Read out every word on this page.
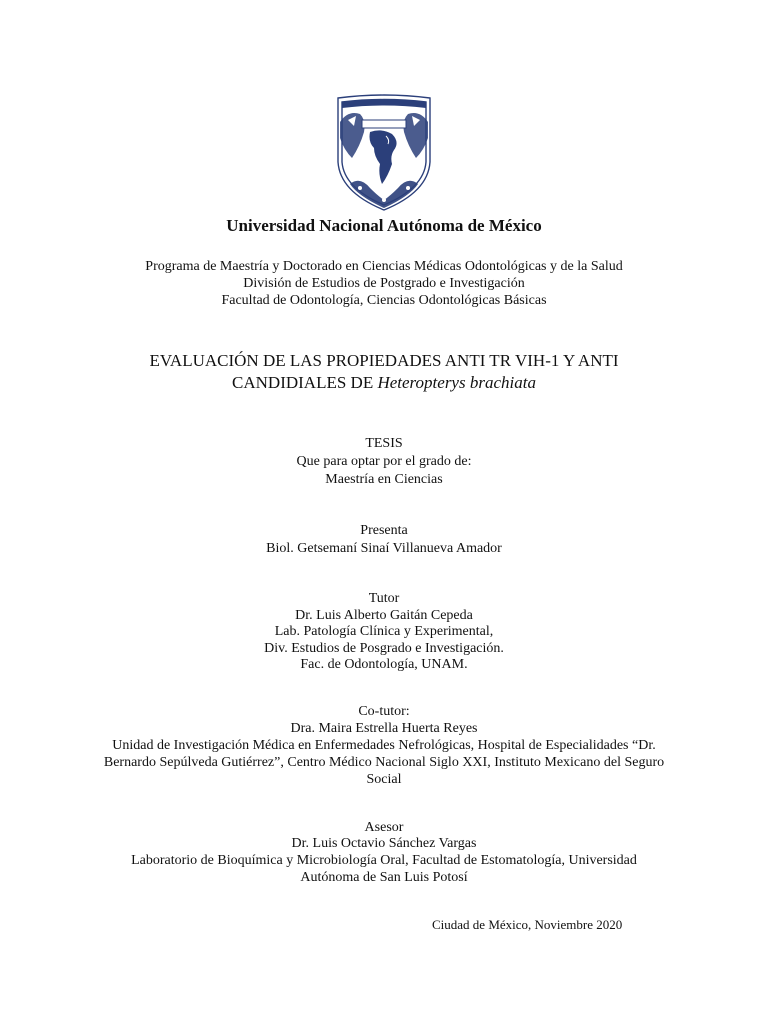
Universidad Nacional Autónoma de México
Programa de Maestría y Doctorado en Ciencias Médicas Odontológicas y de la Salud
División de Estudios de Postgrado e Investigación
Facultad de Odontología, Ciencias Odontológicas Básicas
EVALUACIÓN DE LAS PROPIEDADES ANTI TR VIH-1 Y ANTI
CANDIDIALES DE Heteropterys brachiata
TESIS
Que para optar por el grado de:
Maestría en Ciencias
Presenta
Biol. Getsemaní Sinaí Villanueva Amador
Tutor
Dr. Luis Alberto Gaitán Cepeda
Lab. Patología Clínica y Experimental,
Div. Estudios de Posgrado e Investigación.
Fac. de Odontología, UNAM.
Co-tutor:
Dra. Maira Estrella Huerta Reyes
Unidad de Investigación Médica en Enfermedades Nefrológicas, Hospital de Especialidades “Dr.
Bernardo Sepúlveda Gutiérrez”, Centro Médico Nacional Siglo XXI, Instituto Mexicano del Seguro
Social
Asesor
Dr. Luis Octavio Sánchez Vargas
Laboratorio de Bioquímica y Microbiología Oral, Facultad de Estomatología, Universidad
Autónoma de San Luis Potosí
Ciudad de México, Noviembre 2020
